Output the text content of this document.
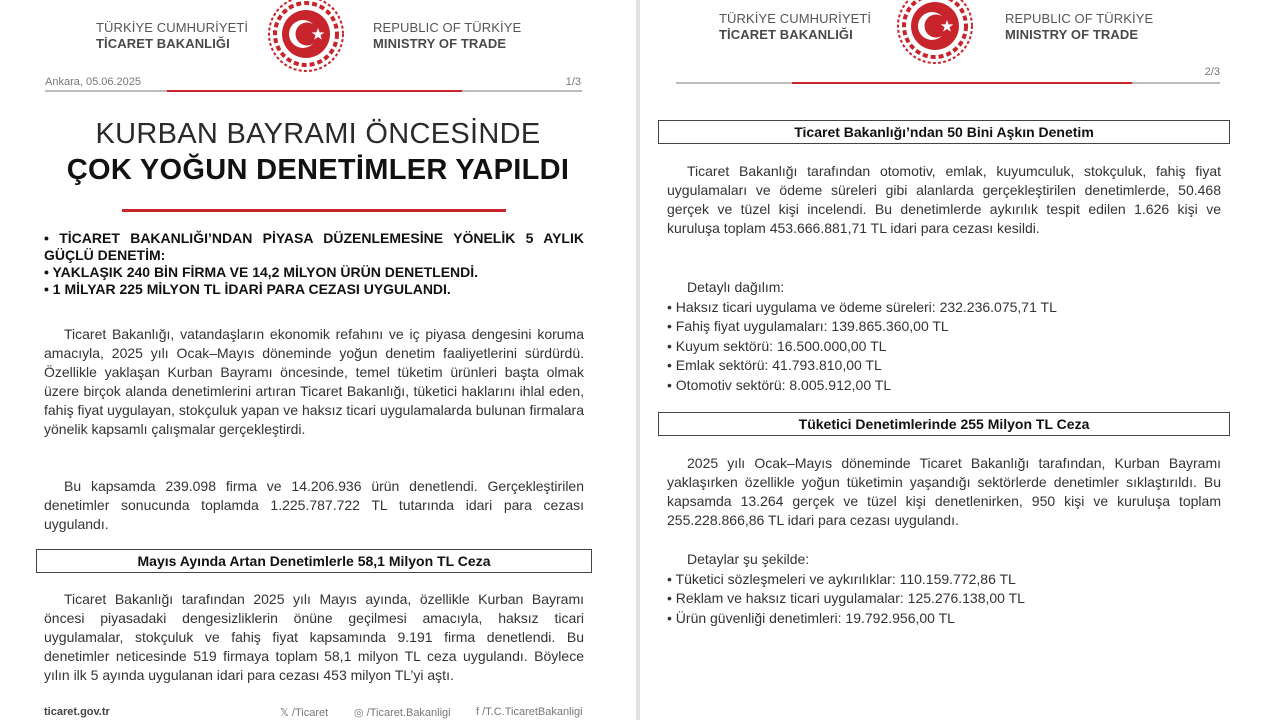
TÜRKİYE CUMHURİYETİ
TİCARET BAKANLIĞI
REPUBLIC OF TÜRKİYE
MINISTRY OF TRADE
Ankara, 05.06.2025	1/3
KURBAN BAYRAMI ÖNCESİNDE
ÇOK YOĞUN DENETİMLER YAPILDI
• TİCARET BAKANLIĞI’NDAN PİYASA DÜZENLEMESİNE YÖNELİK 5 AYLIK GÜÇLÜ DENETİM:
• YAKLAŞIK 240 BİN FİRMA VE 14,2 MİLYON ÜRÜN DENETLENDİ.
• 1 MİLYAR 225 MİLYON TL İDARİ PARA CEZASI UYGULANDI.
Ticaret Bakanlığı, vatandaşların ekonomik refahını ve iç piyasa dengesini koruma amacıyla, 2025 yılı Ocak–Mayıs döneminde yoğun denetim faaliyetlerini sürdürdü. Özellikle yaklaşan Kurban Bayramı öncesinde, temel tüketim ürünleri başta olmak üzere birçok alanda denetimlerini artıran Ticaret Bakanlığı, tüketici haklarını ihlal eden, fahiş fiyat uygulayan, stokçuluk yapan ve haksız ticari uygulamalarda bulunan firmalara yönelik kapsamlı çalışmalar gerçekleştirdi.
Bu kapsamda 239.098 firma ve 14.206.936 ürün denetlendi. Gerçekleştirilen denetimler sonucunda toplamda 1.225.787.722 TL tutarında idari para cezası uygulandı.
Mayıs Ayında Artan Denetimlerle 58,1 Milyon TL Ceza
Ticaret Bakanlığı tarafından 2025 yılı Mayıs ayında, özellikle Kurban Bayramı öncesi piyasadaki dengesizliklerin önüne geçilmesi amacıyla, haksız ticari uygulamalar, stokçuluk ve fahiş fiyat kapsamında 9.191 firma denetlendi. Bu denetimler neticesinde 519 firmaya toplam 58,1 milyon TL ceza uygulandı. Böylece yılın ilk 5 ayında uygulanan idari para cezası 453 milyon TL’yi aştı.
ticaret.gov.tr	𝕏 /Ticaret ◎ /Ticaret.Bakanligi f /T.C.TicaretBakanligi
TÜRKİYE CUMHURİYETİ
TİCARET BAKANLIĞI
REPUBLIC OF TÜRKİYE
MINISTRY OF TRADE
2/3
Ticaret Bakanlığı’ndan 50 Bini Aşkın Denetim
Ticaret Bakanlığı tarafından otomotiv, emlak, kuyumculuk, stokçuluk, fahiş fiyat uygulamaları ve ödeme süreleri gibi alanlarda gerçekleştirilen denetimlerde, 50.468 gerçek ve tüzel kişi incelendi. Bu denetimlerde aykırılık tespit edilen 1.626 kişi ve kuruluşa toplam 453.666.881,71 TL idari para cezası kesildi.
Detaylı dağılım:
• Haksız ticari uygulama ve ödeme süreleri: 232.236.075,71 TL
• Fahiş fiyat uygulamaları: 139.865.360,00 TL
• Kuyum sektörü: 16.500.000,00 TL
• Emlak sektörü: 41.793.810,00 TL
• Otomotiv sektörü: 8.005.912,00 TL
Tüketici Denetimlerinde 255 Milyon TL Ceza
2025 yılı Ocak–Mayıs döneminde Ticaret Bakanlığı tarafından, Kurban Bayramı yaklaşırken özellikle yoğun tüketimin yaşandığı sektörlerde denetimler sıklaştırıldı. Bu kapsamda 13.264 gerçek ve tüzel kişi denetlenirken, 950 kişi ve kuruluşa toplam 255.228.866,86 TL idari para cezası uygulandı.
Detaylar şu şekilde:
• Tüketici sözleşmeleri ve aykırılıklar: 110.159.772,86 TL
• Reklam ve haksız ticari uygulamalar: 125.276.138,00 TL
• Ürün güvenliği denetimleri: 19.792.956,00 TL
